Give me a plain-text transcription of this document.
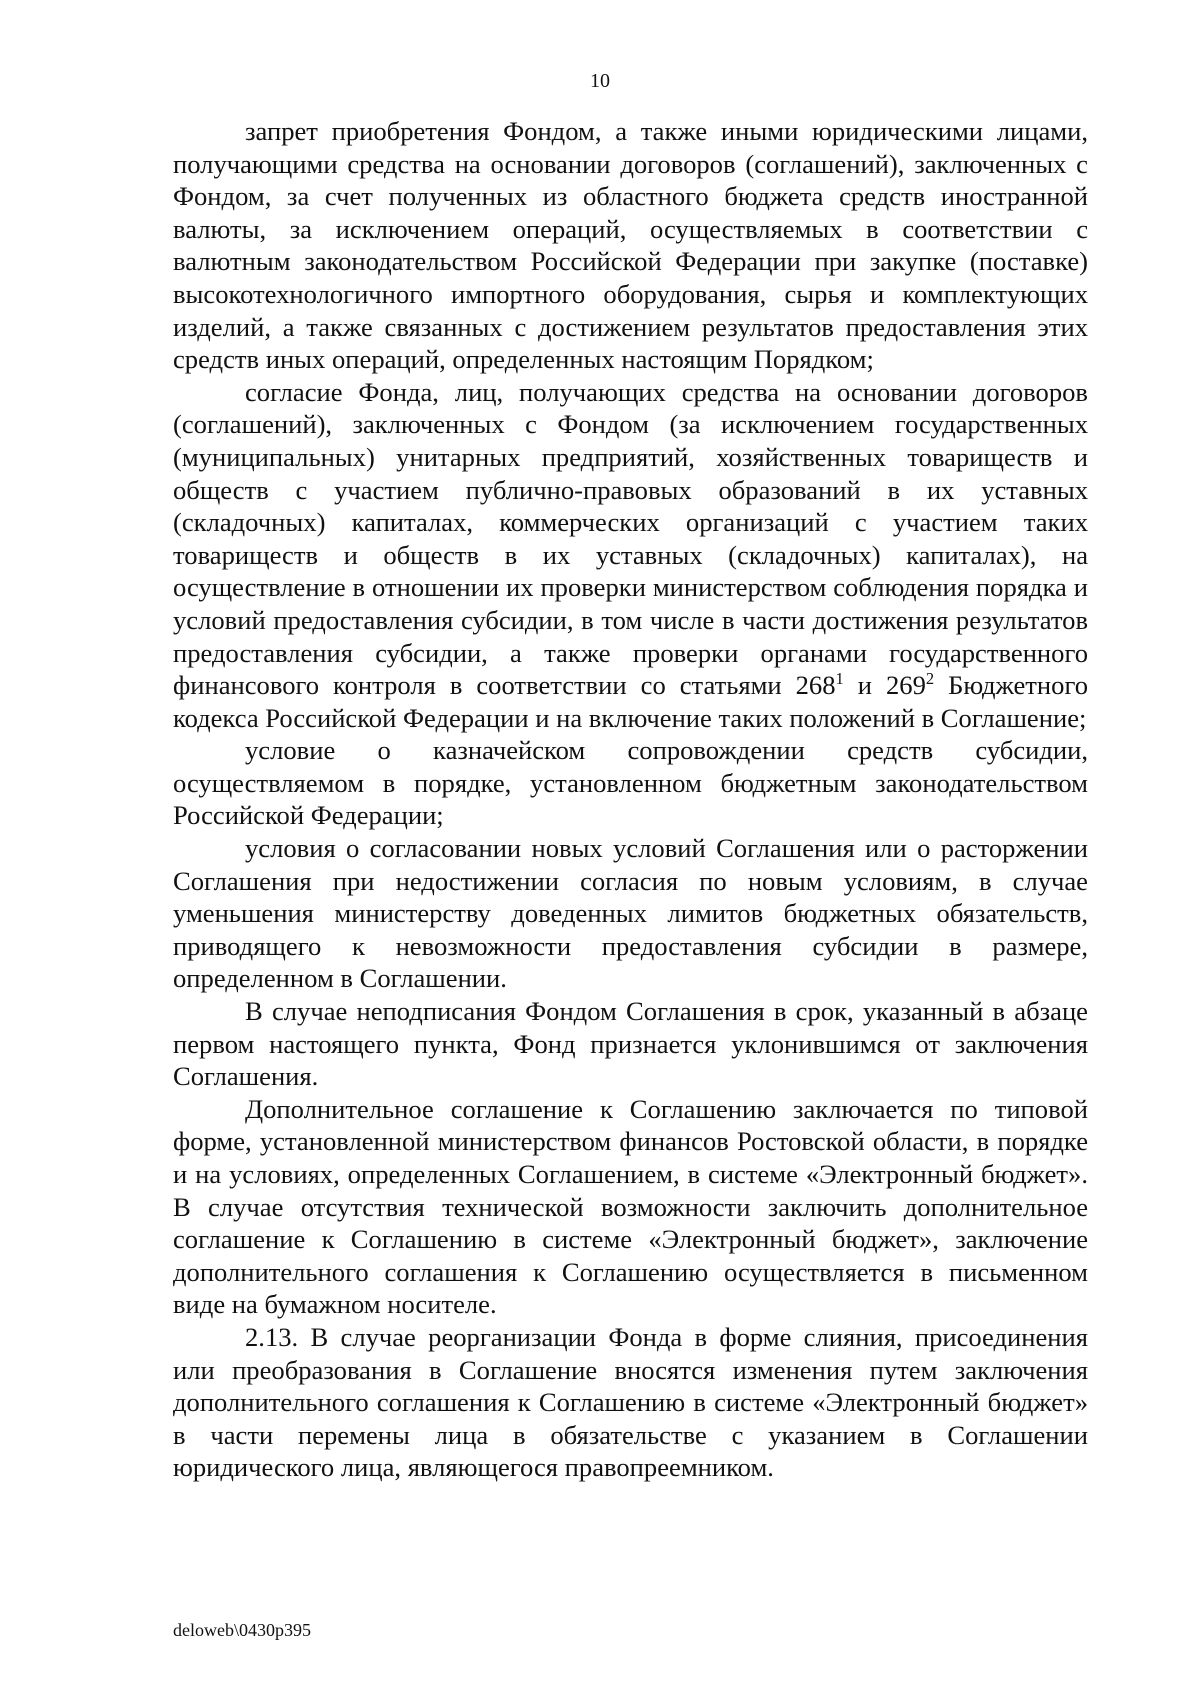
10

запрет приобретения Фондом, а также иными юридическими лицами, получающими средства на основании договоров (соглашений), заключенных с Фондом, за счет полученных из областного бюджета средств иностранной валюты, за исключением операций, осуществляемых в соответствии с валютным законодательством Российской Федерации при закупке (поставке) высокотехнологичного импортного оборудования, сырья и комплектующих изделий, а также связанных с достижением результатов предоставления этих средств иных операций, определенных настоящим Порядком;

согласие Фонда, лиц, получающих средства на основании договоров (соглашений), заключенных с Фондом (за исключением государственных (муниципальных) унитарных предприятий, хозяйственных товариществ и обществ с участием публично-правовых образований в их уставных (складочных) капиталах, коммерческих организаций с участием таких товариществ и обществ в их уставных (складочных) капиталах), на осуществление в отношении их проверки министерством соблюдения порядка и условий предоставления субсидии, в том числе в части достижения результатов предоставления субсидии, а также проверки органами государственного финансового контроля в соответствии со статьями $268^1$ и $269^2$ Бюджетного кодекса Российской Федерации и на включение таких положений в Соглашение;

условие о казначейском сопровождении средств субсидии, осуществляемом в порядке, установленном бюджетным законодательством Российской Федерации;

условия о согласовании новых условий Соглашения или о расторжении Соглашения при недостижении согласия по новым условиям, в случае уменьшения министерству доведенных лимитов бюджетных обязательств, приводящего к невозможности предоставления субсидии в размере, определенном в Соглашении.

В случае неподписания Фондом Соглашения в срок, указанный в абзаце первом настоящего пункта, Фонд признается уклонившимся от заключения Соглашения.

Дополнительное соглашение к Соглашению заключается по типовой форме, установленной министерством финансов Ростовской области, в порядке и на условиях, определенных Соглашением, в системе «Электронный бюджет». В случае отсутствия технической возможности заключить дополнительное соглашение к Соглашению в системе «Электронный бюджет», заключение дополнительного соглашения к Соглашению осуществляется в письменном виде на бумажном носителе.

2.13. В случае реорганизации Фонда в форме слияния, присоединения или преобразования в Соглашение вносятся изменения путем заключения дополнительного соглашения к Соглашению в системе «Электронный бюджет» в части перемены лица в обязательстве с указанием в Соглашении юридического лица, являющегося правопреемником.

deloweb\0430p395
